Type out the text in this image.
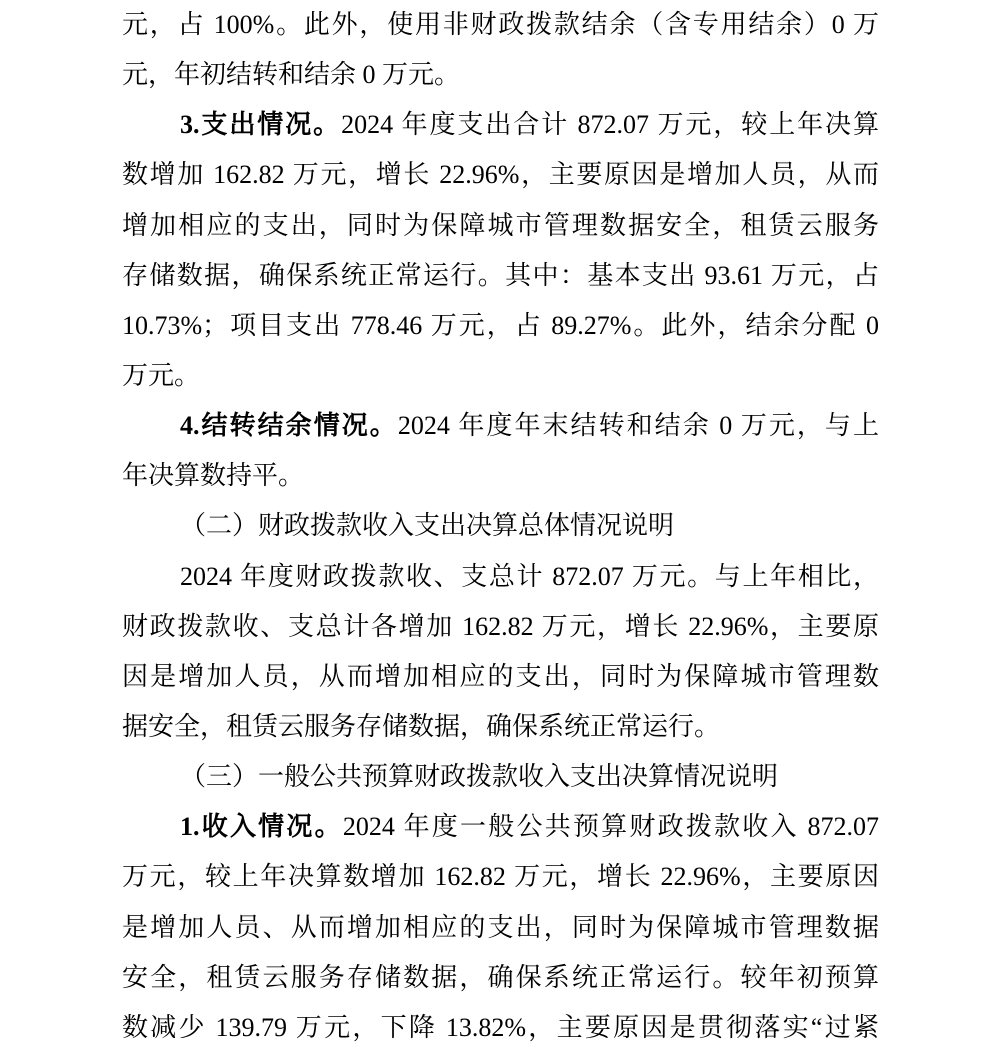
元，占 100%。此外，使用非财政拨款结余（含专用结余）0 万
元，年初结转和结余 0 万元。
3.支出情况。2024 年度支出合计 872.07 万元，较上年决算
数增加 162.82 万元，增长 22.96%，主要原因是增加人员，从而
增加相应的支出，同时为保障城市管理数据安全，租赁云服务
存储数据，确保系统正常运行。其中：基本支出 93.61 万元，占
10.73%；项目支出 778.46 万元，占 89.27%。此外，结余分配 0
万元。
4.结转结余情况。2024 年度年末结转和结余 0 万元，与上
年决算数持平。
（二）财政拨款收入支出决算总体情况说明
2024 年度财政拨款收、支总计 872.07 万元。与上年相比，
财政拨款收、支总计各增加 162.82 万元，增长 22.96%，主要原
因是增加人员，从而增加相应的支出，同时为保障城市管理数
据安全，租赁云服务存储数据，确保系统正常运行。
（三）一般公共预算财政拨款收入支出决算情况说明
1.收入情况。2024 年度一般公共预算财政拨款收入 872.07
万元，较上年决算数增加 162.82 万元，增长 22.96%，主要原因
是增加人员、从而增加相应的支出，同时为保障城市管理数据
安全，租赁云服务存储数据，确保系统正常运行。较年初预算
数减少 139.79 万元，下降 13.82%，主要原因是贯彻落实“过紧
